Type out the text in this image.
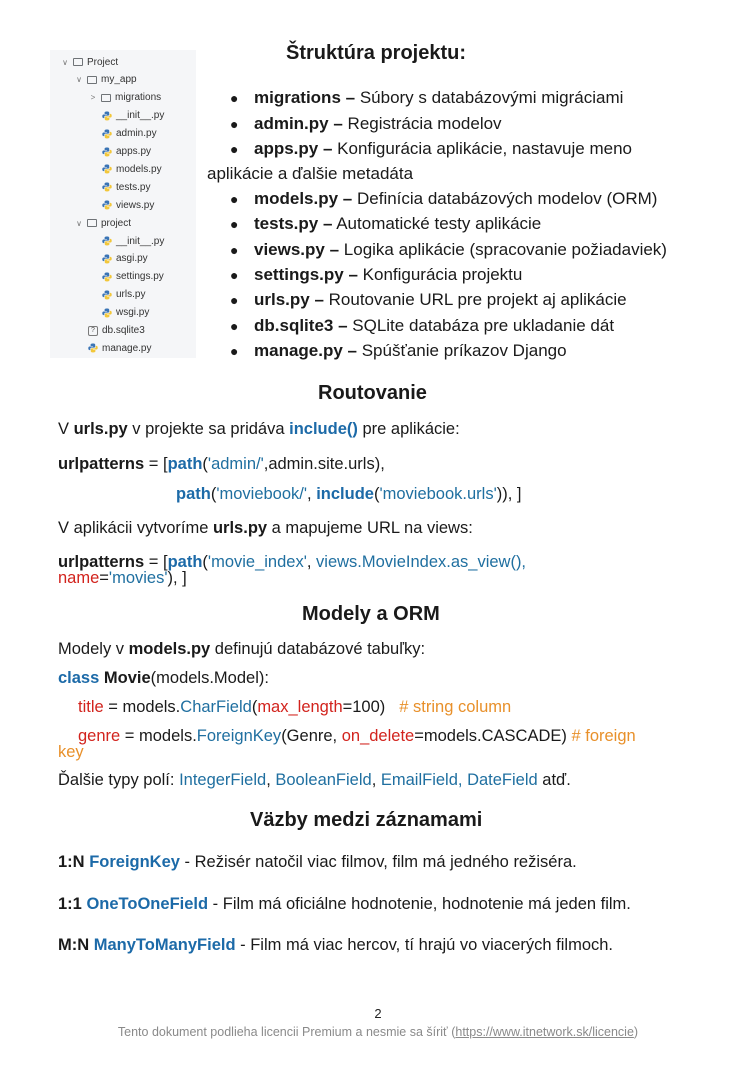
∨ Project
∨ my_app
> migrations
__init__.py
admin.py
apps.py
models.py
tests.py
views.py
∨ project
__init__.py
asgi.py
settings.py
urls.py
wsgi.py
? db.sqlite3
manage.py
Štruktúra projektu:
● migrations – Súbory s databázovými migráciami
● admin.py – Registrácia modelov
● apps.py – Konfigurácia aplikácie, nastavuje meno
● models.py – Definícia databázových modelov (ORM)
● tests.py – Automatické testy aplikácie
● views.py – Logika aplikácie (spracovanie požiadaviek)
● settings.py – Konfigurácia projektu
● urls.py – Routovanie URL pre projekt aj aplikácie
● db.sqlite3 – SQLite databáza pre ukladanie dát
● manage.py – Spúšťanie príkazov Django
aplikácie a ďalšie metadáta
Routovanie
V urls.py v projekte sa pridáva include() pre aplikácie:
urlpatterns = [path('admin/',admin.site.urls),
path('moviebook/', include('moviebook.urls')), ]
V aplikácii vytvoríme urls.py a mapujeme URL na views:
urlpatterns = [path('movie_index', views.MovieIndex.as_view(),
name='movies'), ]
Modely a ORM
Modely v models.py definujú databázové tabuľky:
class Movie(models.Model):
title = models.CharField(max_length=100) # string column
genre = models.ForeignKey(Genre, on_delete=models.CASCADE) # foreign
key
Ďalšie typy polí: IntegerField, BooleanField, EmailField, DateField atď.
Väzby medzi záznamami
1:N ForeignKey - Režisér natočil viac filmov, film má jedného režiséra.
1:1 OneToOneField - Film má oficiálne hodnotenie, hodnotenie má jeden film.
M:N ManyToManyField - Film má viac hercov, tí hrajú vo viacerých filmoch.
2
Tento dokument podlieha licencii Premium a nesmie sa šíriť (https://www.itnetwork.sk/licencie)
